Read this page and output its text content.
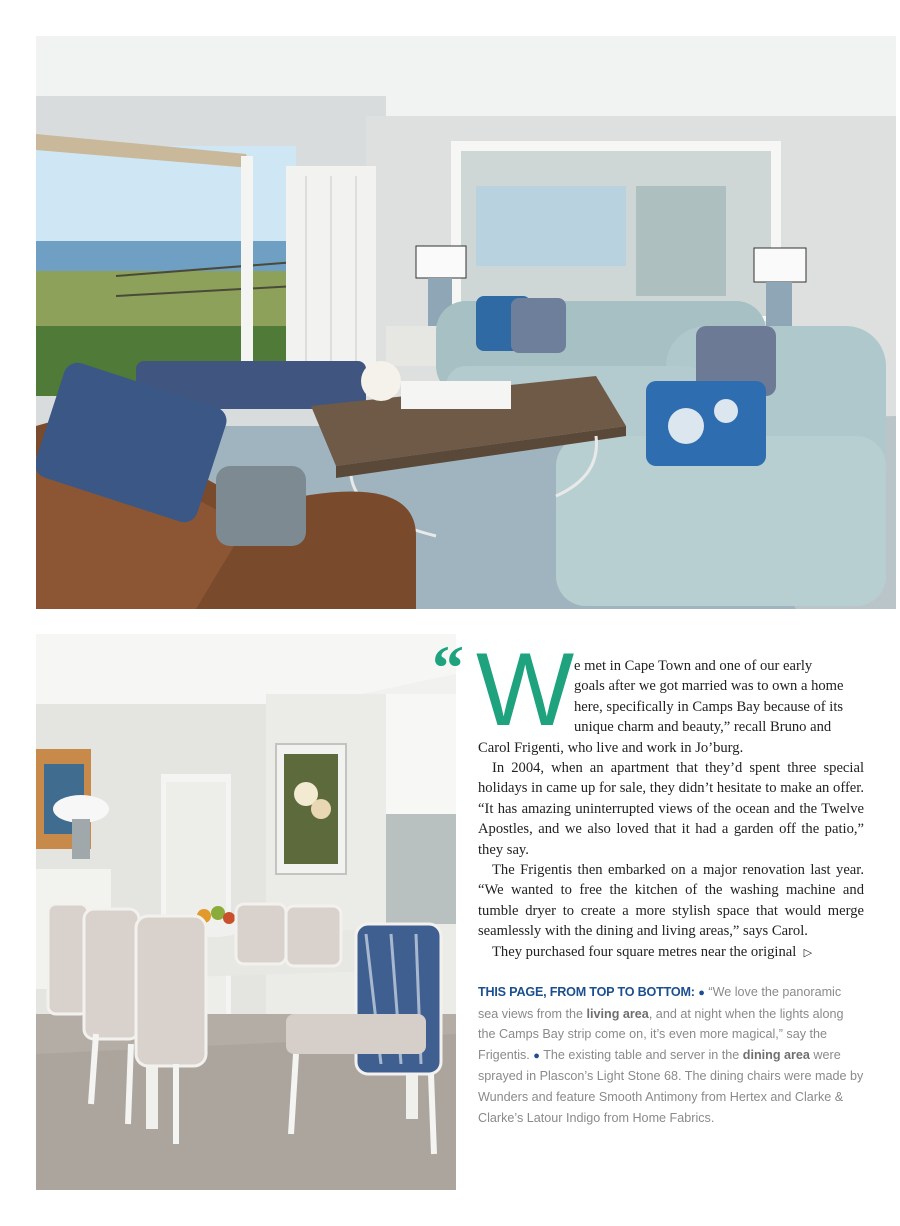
“ W e met in Cape Town and one of our early
goals after we got married was to own a home
here, specifically in Camps Bay because of its
unique charm and beauty,” recall Bruno and
Carol Frigenti, who live and work in Jo’burg.

In 2004, when an apartment that they’d spent three special holidays in came up for sale, they didn’t hesitate to make an offer. “It has amazing uninterrupted views of the ocean and the Twelve Apostles, and we also loved that it had a garden off the patio,” they say.

The Frigentis then embarked on a major renovation last year. “We wanted to free the kitchen of the washing machine and tumble dryer to create a more stylish space that would merge seamlessly with the dining and living areas,” says Carol.

They purchased four square metres near the original ▷

THIS PAGE, FROM TOP TO BOTTOM: ● “We love the panoramic sea views from the living area, and at night when the lights along the Camps Bay strip come on, it’s even more magical,” say the Frigentis. ● The existing table and server in the dining area were sprayed in Plascon’s Light Stone 68. The dining chairs were made by Wunders and feature Smooth Antimony from Hertex and Clarke & Clarke’s Latour Indigo from Home Fabrics.
